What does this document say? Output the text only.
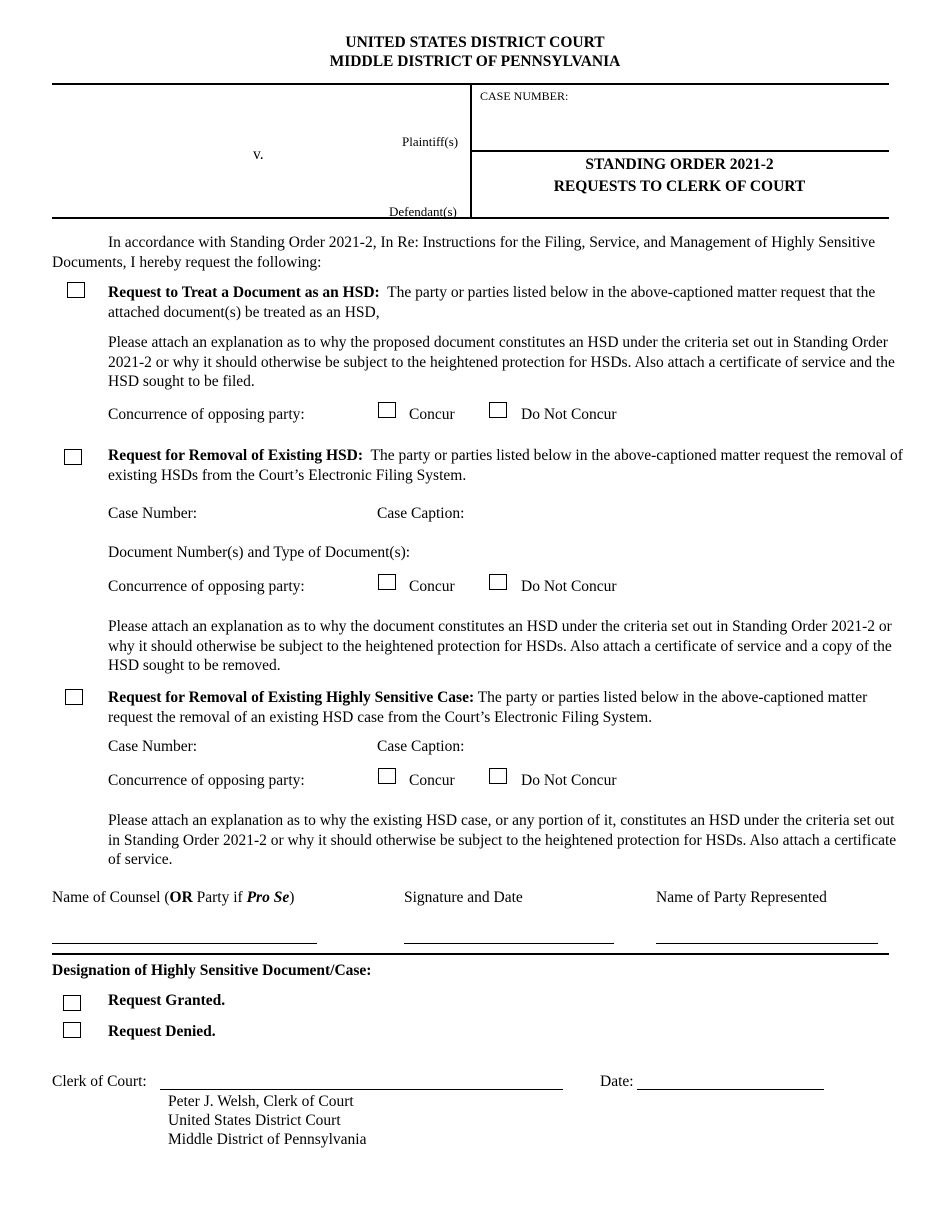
UNITED STATES DISTRICT COURT
MIDDLE DISTRICT OF PENNSYLVANIA
CASE NUMBER:
Plaintiff(s)
v.
Defendant(s)
STANDING ORDER 2021-2
REQUESTS TO CLERK OF COURT
In accordance with Standing Order 2021-2, In Re: Instructions for the Filing, Service, and Management of Highly Sensitive Documents, I hereby request the following:
Request to Treat a Document as an HSD: The party or parties listed below in the above-captioned matter request that the attached document(s) be treated as an HSD,
Please attach an explanation as to why the proposed document constitutes an HSD under the criteria set out in Standing Order 2021-2 or why it should otherwise be subject to the heightened protection for HSDs. Also attach a certificate of service and the HSD sought to be filed.
Concurrence of opposing party:	Concur	Do Not Concur
Request for Removal of Existing HSD: The party or parties listed below in the above-captioned matter request the removal of existing HSDs from the Court’s Electronic Filing System.
Case Number:	Case Caption:
Document Number(s) and Type of Document(s):
Concurrence of opposing party:	Concur	Do Not Concur
Please attach an explanation as to why the document constitutes an HSD under the criteria set out in Standing Order 2021-2 or why it should otherwise be subject to the heightened protection for HSDs. Also attach a certificate of service and a copy of the HSD sought to be removed.
Request for Removal of Existing Highly Sensitive Case: The party or parties listed below in the above-captioned matter request the removal of an existing HSD case from the Court’s Electronic Filing System.
Case Number:	Case Caption:
Concurrence of opposing party:	Concur	Do Not Concur
Please attach an explanation as to why the existing HSD case, or any portion of it, constitutes an HSD under the criteria set out in Standing Order 2021-2 or why it should otherwise be subject to the heightened protection for HSDs. Also attach a certificate of service.
Name of Counsel (OR Party if Pro Se)	Signature and Date	Name of Party Represented
Designation of Highly Sensitive Document/Case:
Request Granted.
Request Denied.
Clerk of Court:	Date:
Peter J. Welsh, Clerk of Court
United States District Court
Middle District of Pennsylvania
